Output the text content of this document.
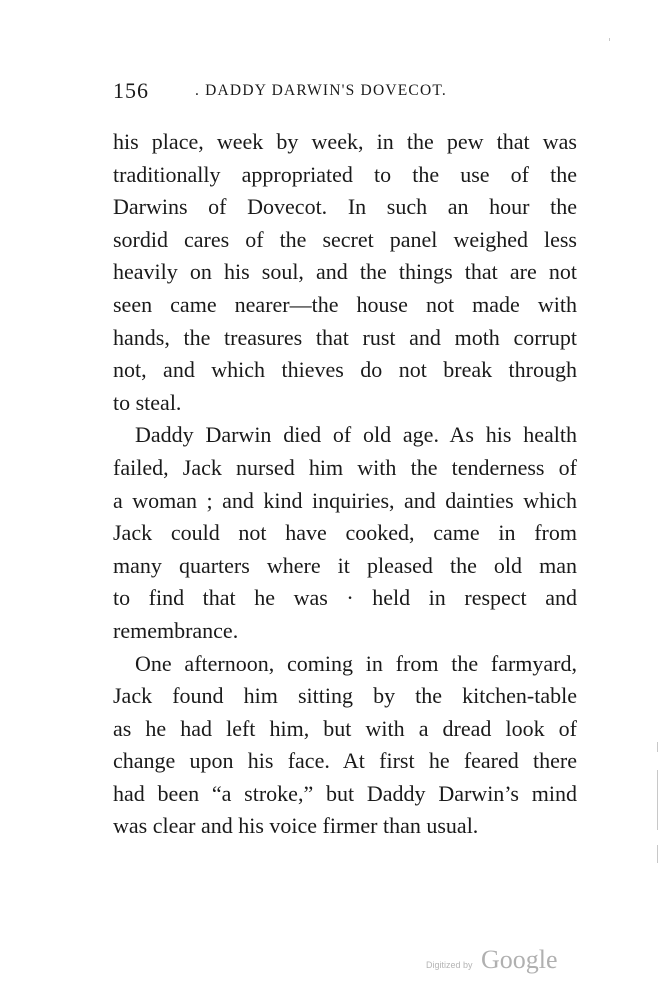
156	. DADDY DARWIN'S DOVECOT.
his place, week by week, in the pew that was
traditionally appropriated to the use of the
Darwins of Dovecot. In such an hour the
sordid cares of the secret panel weighed less
heavily on his soul, and the things that are not
seen came nearer—the house not made with
hands, the treasures that rust and moth corrupt
not, and which thieves do not break through
to steal.
Daddy Darwin died of old age. As his health
failed, Jack nursed him with the tenderness of
a woman ; and kind inquiries, and dainties which
Jack could not have cooked, came in from
many quarters where it pleased the old man
to find that he was · held in respect and
remembrance.
One afternoon, coming in from the farmyard,
Jack found him sitting by the kitchen-table
as he had left him, but with a dread look of
change upon his face. At first he feared there
had been “a stroke,” but Daddy Darwin’s mind
was clear and his voice firmer than usual.
Digitized by Google
